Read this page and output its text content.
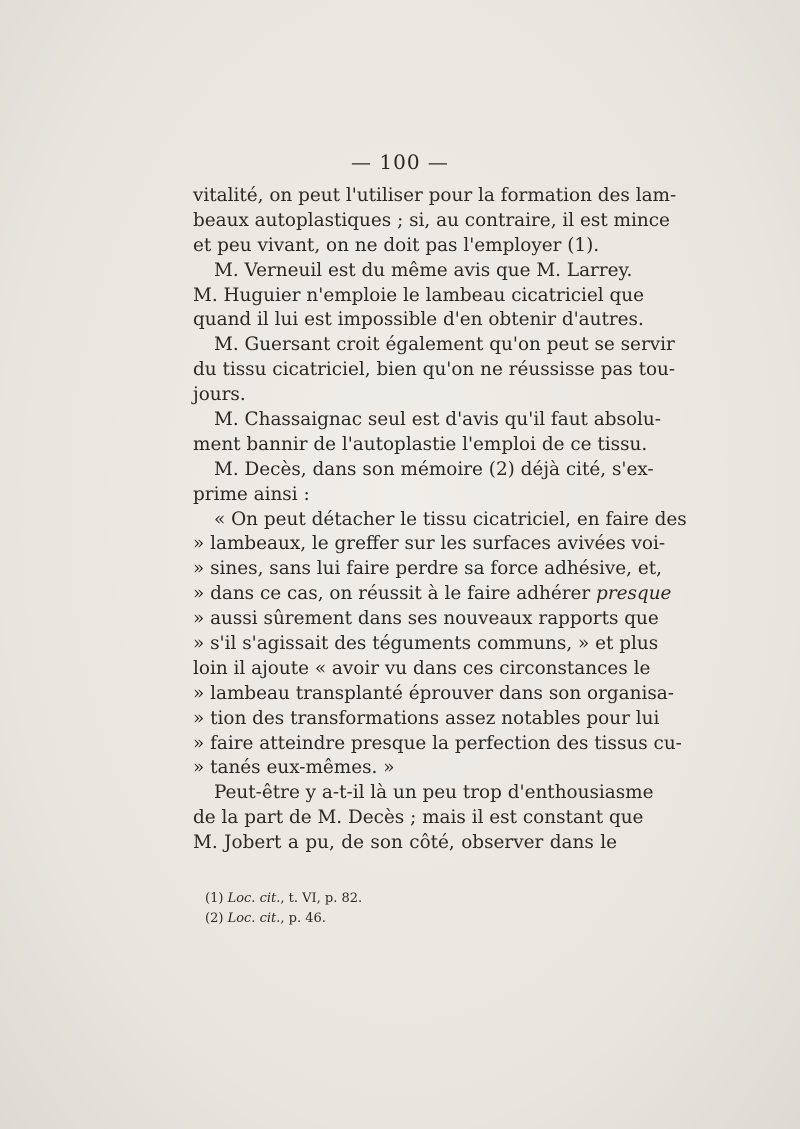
— 100 —
vitalité, on peut l'utiliser pour la formation des lam-
beaux autoplastiques ; si, au contraire, il est mince
et peu vivant, on ne doit pas l'employer (1).
M. Verneuil est du même avis que M. Larrey.
M. Huguier n'emploie le lambeau cicatriciel que
quand il lui est impossible d'en obtenir d'autres.
M. Guersant croit également qu'on peut se servir
du tissu cicatriciel, bien qu'on ne réussisse pas tou-
jours.
M. Chassaignac seul est d'avis qu'il faut absolu-
ment bannir de l'autoplastie l'emploi de ce tissu.
M. Decès, dans son mémoire (2) déjà cité, s'ex-
prime ainsi :
« On peut détacher le tissu cicatriciel, en faire des
» lambeaux, le greffer sur les surfaces avivées voi-
» sines, sans lui faire perdre sa force adhésive, et,
» dans ce cas, on réussit à le faire adhérer presque
» aussi sûrement dans ses nouveaux rapports que
» s'il s'agissait des téguments communs, » et plus
loin il ajoute « avoir vu dans ces circonstances le
» lambeau transplanté éprouver dans son organisa-
» tion des transformations assez notables pour lui
» faire atteindre presque la perfection des tissus cu-
» tanés eux-mêmes. »
Peut-être y a-t-il là un peu trop d'enthousiasme
de la part de M. Decès ; mais il est constant que
M. Jobert a pu, de son côté, observer dans le
(1) Loc. cit., t. VI, p. 82.
(2) Loc. cit., p. 46.
